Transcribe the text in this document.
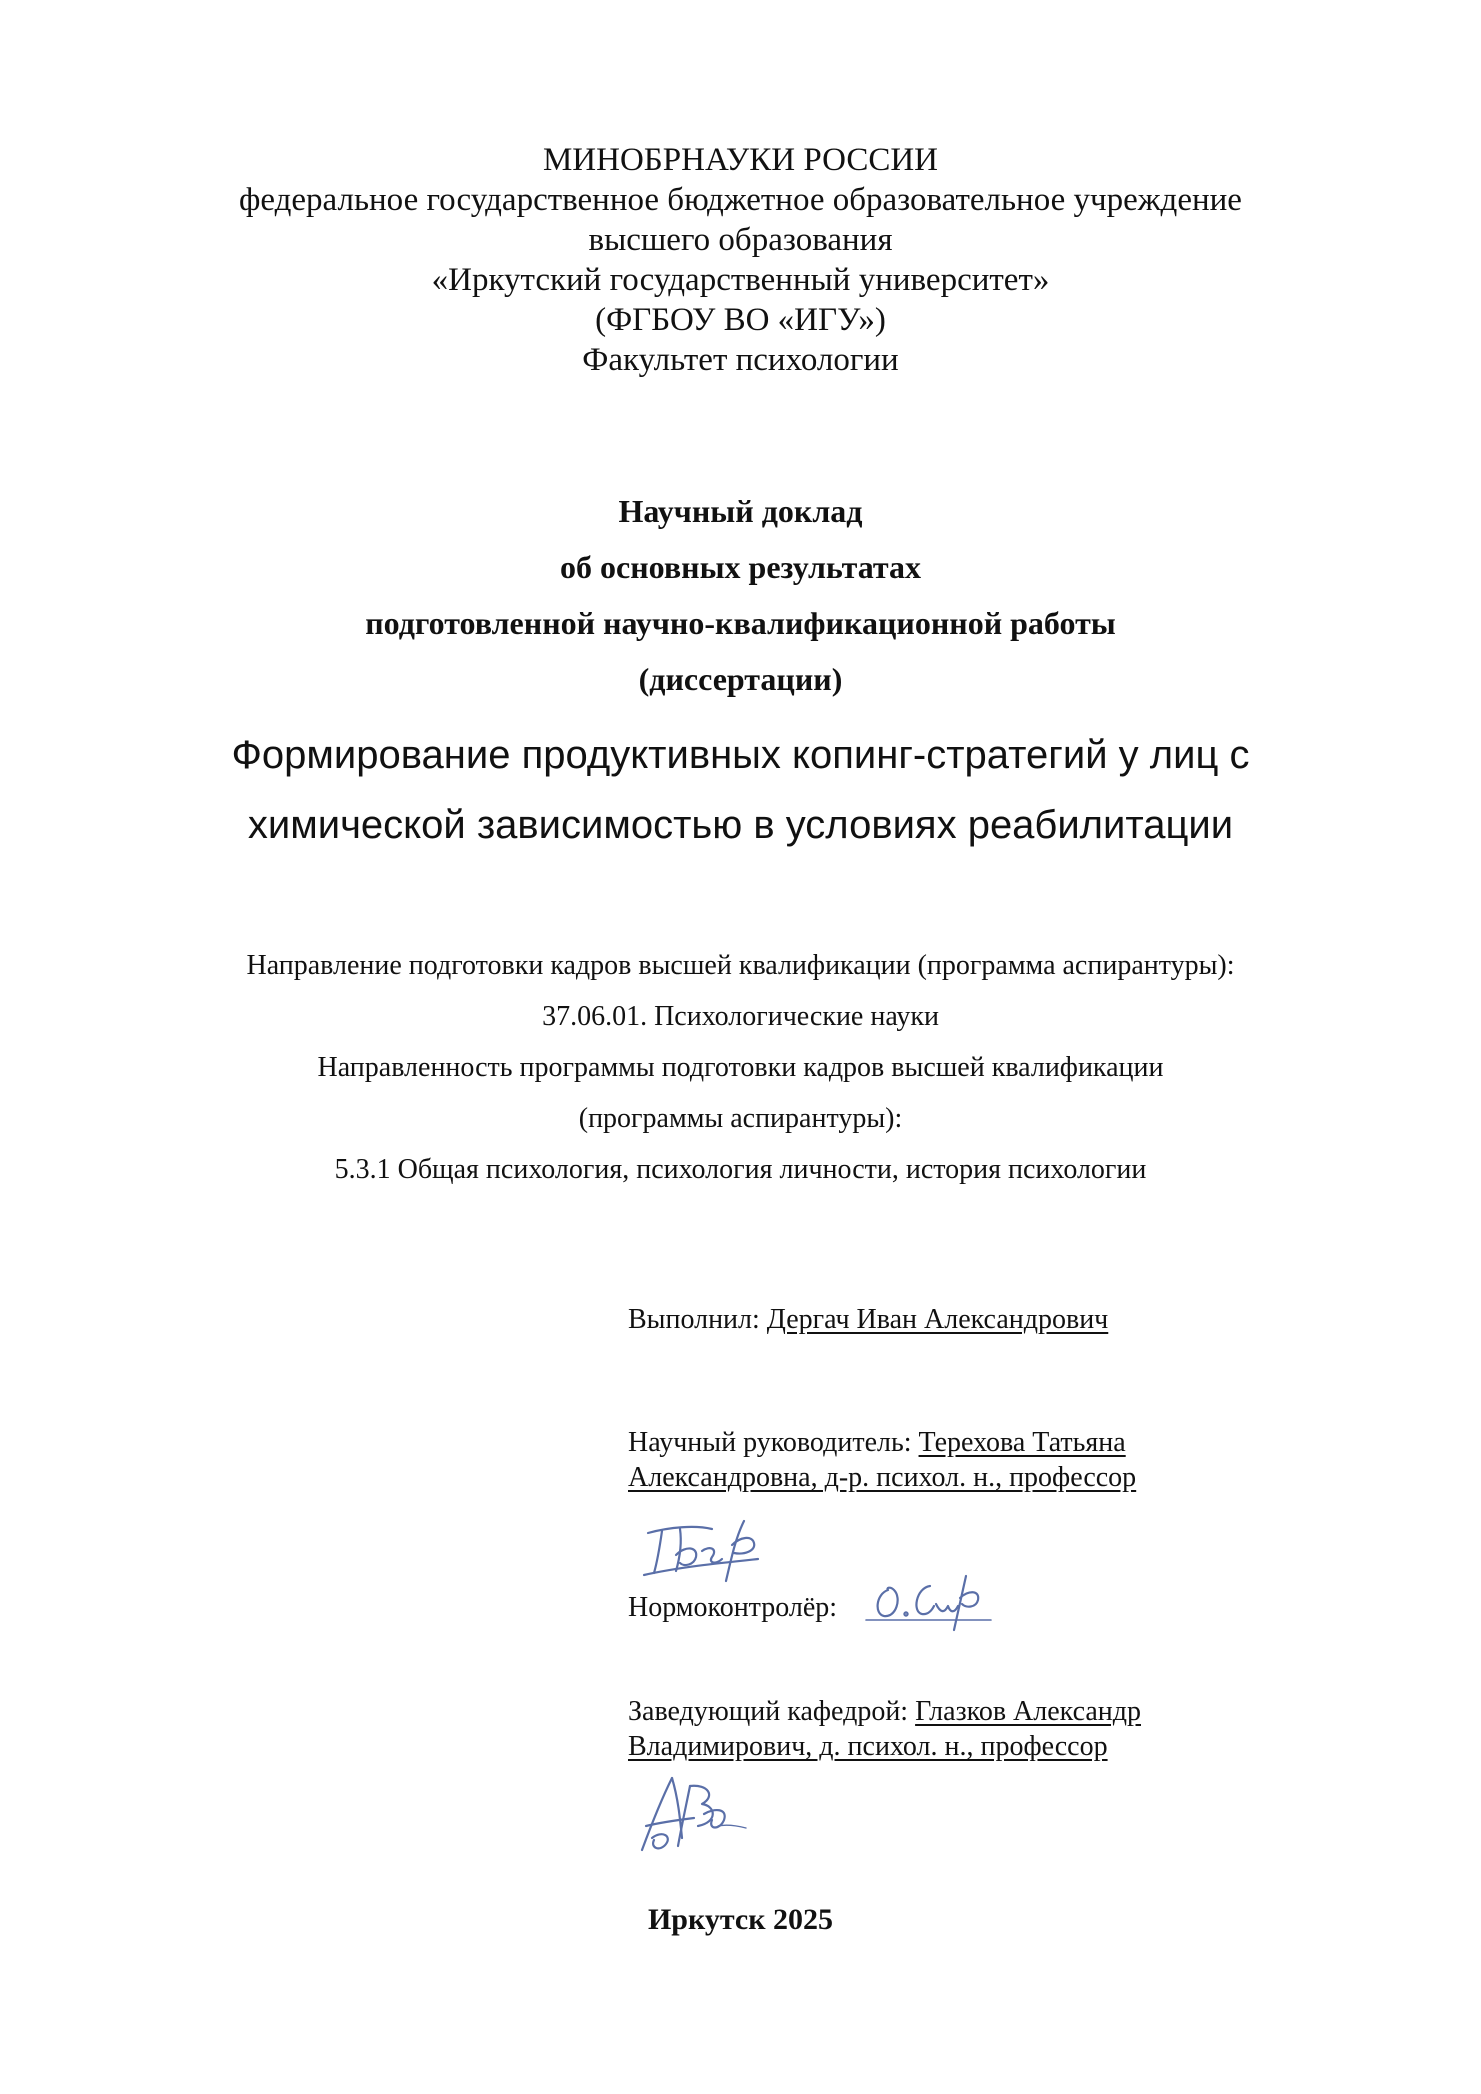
МИНОБРНАУКИ РОССИИ
федеральное государственное бюджетное образовательное учреждение
высшего образования
«Иркутский государственный университет»
(ФГБОУ ВО «ИГУ»)
Факультет психологии
Научный доклад
об основных результатах
подготовленной научно-квалификационной работы
(диссертации)
Формирование продуктивных копинг-стратегий у лиц с
химической зависимостью в условиях реабилитации
Направление подготовки кадров высшей квалификации (программа аспирантуры):
37.06.01. Психологические науки
Направленность программы подготовки кадров высшей квалификации
(программы аспирантуры):
5.3.1 Общая психология, психология личности, история психологии
Выполнил: Дергач Иван Александрович
Научный руководитель: Терехова Татьяна
Александровна, д-р. психол. н., профессор
Нормоконтролёр:
Заведующий кафедрой: Глазков Александр
Владимирович, д. психол. н., профессор
Иркутск 2025
